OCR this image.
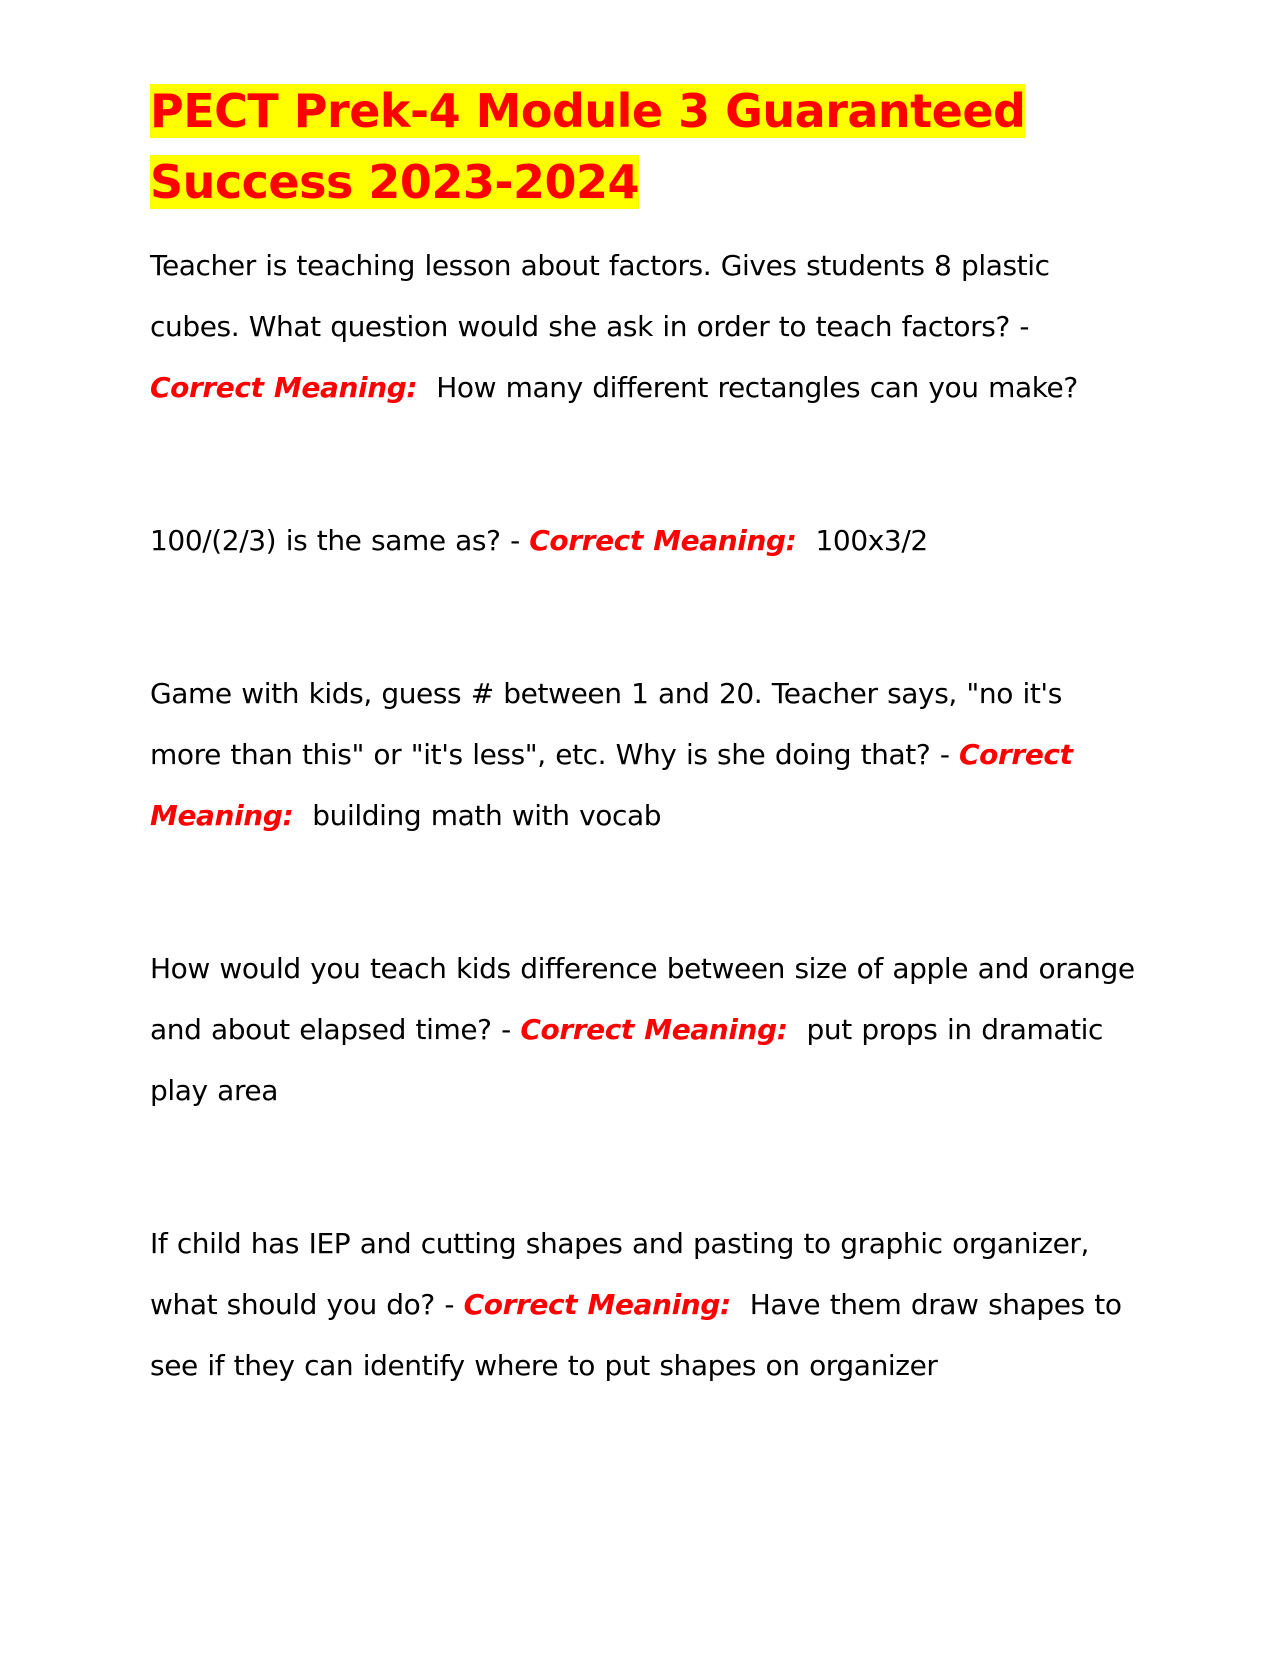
PECT Prek-4 Module 3 Guaranteed Success 2023-2024

Teacher is teaching lesson about factors. Gives students 8 plastic cubes. What question would she ask in order to teach factors? - Correct Meaning: How many different rectangles can you make?

100/(2/3) is the same as? - Correct Meaning: 100x3/2

Game with kids, guess # between 1 and 20. Teacher says, "no it's more than this" or "it's less", etc. Why is she doing that? - Correct Meaning: building math with vocab

How would you teach kids difference between size of apple and orange and about elapsed time? - Correct Meaning: put props in dramatic play area

If child has IEP and cutting shapes and pasting to graphic organizer, what should you do? - Correct Meaning: Have them draw shapes to see if they can identify where to put shapes on organizer
